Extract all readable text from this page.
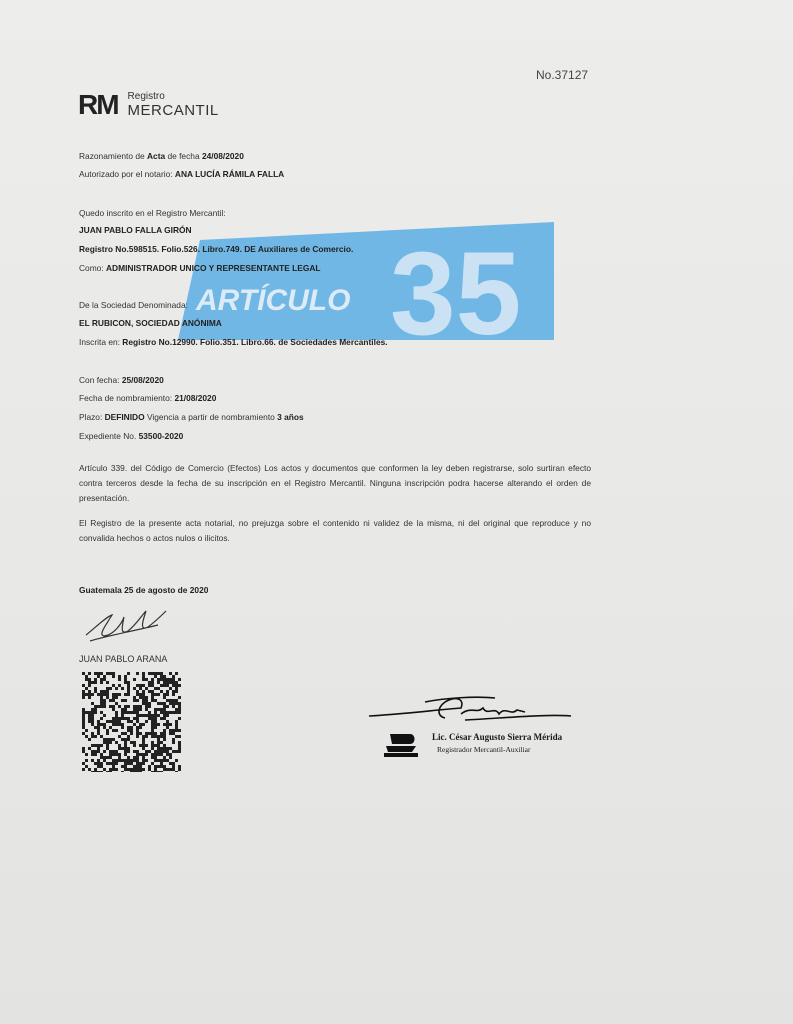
No.37127
RM Registro
MERCANTIL
ARTÍCULO 35
Razonamiento de Acta de fecha 24/08/2020
Autorizado por el notario: ANA LUCÍA RÁMILA FALLA
Quedo inscrito en el Registro Mercantil:
JUAN PABLO FALLA GIRÓN
Registro No.598515. Folio.526. Libro.749. DE Auxiliares de Comercio.
Como: ADMINISTRADOR UNICO Y REPRESENTANTE LEGAL
De la Sociedad Denominada:
EL RUBICON, SOCIEDAD ANÓNIMA
Inscrita en: Registro No.12990. Folio.351. Libro.66. de Sociedades Mercantiles.
Con fecha: 25/08/2020
Fecha de nombramiento: 21/08/2020
Plazo: DEFINIDO Vigencia a partir de nombramiento 3 años
Expediente No. 53500-2020
Artículo 339. del Código de Comercio (Efectos) Los actos y documentos que conformen la ley deben registrarse, solo surtiran efecto contra terceros desde la fecha de su inscripción en el Registro Mercantil. Ninguna inscripción podra hacerse alterando el orden de presentación.
El Registro de la presente acta notarial, no prejuzga sobre el contenido ni validez de la misma, ni del original que reproduce y no convalida hechos o actos nulos o ilicitos.
Guatemala 25 de agosto de 2020
JUAN PABLO ARANA
Lic. César Augusto Sierra Mérida
Registrador Mercantil-Auxiliar
